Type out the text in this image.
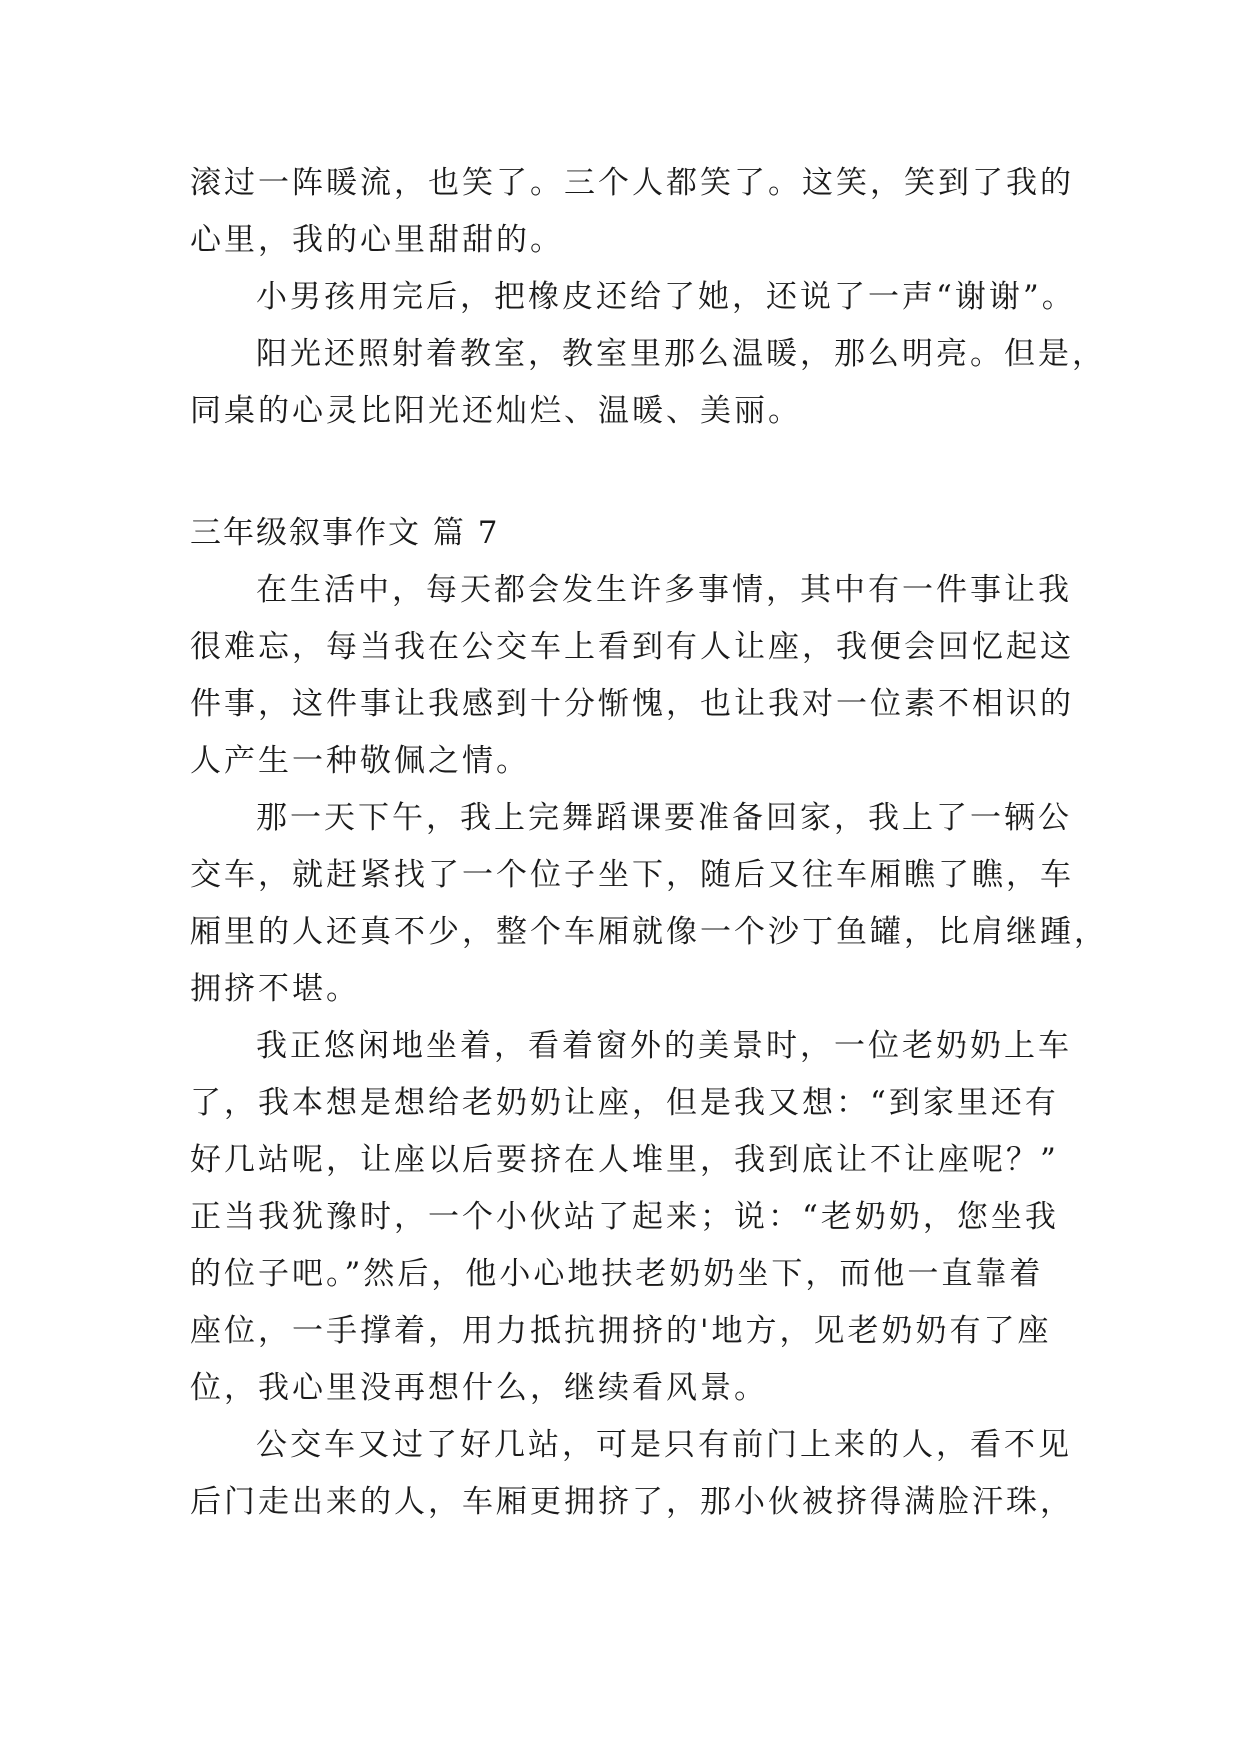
滚过一阵暖流，也笑了。三个人都笑了。这笑，笑到了我的
心里，我的心里甜甜的。
小男孩用完后，把橡皮还给了她，还说了一声“谢谢”。
阳光还照射着教室，教室里那么温暖，那么明亮。但是，
同桌的心灵比阳光还灿烂、温暖、美丽。
三年级叙事作文 篇 7
在生活中，每天都会发生许多事情，其中有一件事让我
很难忘，每当我在公交车上看到有人让座，我便会回忆起这
件事，这件事让我感到十分惭愧，也让我对一位素不相识的
人产生一种敬佩之情。
那一天下午，我上完舞蹈课要准备回家，我上了一辆公
交车，就赶紧找了一个位子坐下，随后又往车厢瞧了瞧，车
厢里的人还真不少，整个车厢就像一个沙丁鱼罐，比肩继踵，
拥挤不堪。
我正悠闲地坐着，看着窗外的美景时，一位老奶奶上车
了，我本想是想给老奶奶让座，但是我又想：“到家里还有
好几站呢，让座以后要挤在人堆里，我到底让不让座呢？”
正当我犹豫时，一个小伙站了起来；说：“老奶奶，您坐我
的位子吧。”然后，他小心地扶老奶奶坐下，而他一直靠着
座位，一手撑着，用力抵抗拥挤的'地方，见老奶奶有了座
位，我心里没再想什么，继续看风景。
公交车又过了好几站，可是只有前门上来的人，看不见
后门走出来的人，车厢更拥挤了，那小伙被挤得满脸汗珠，
